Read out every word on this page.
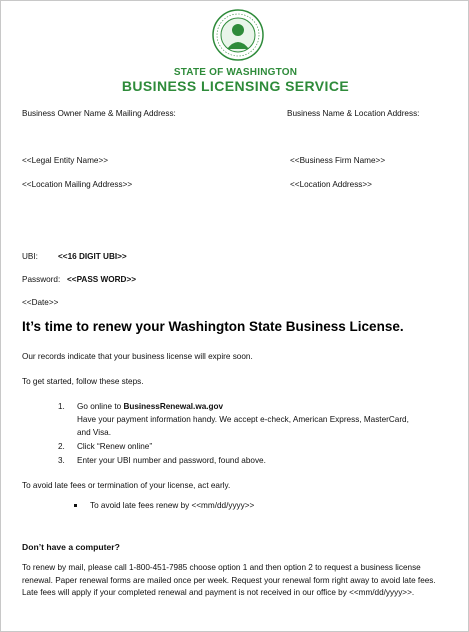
STATE OF WASHINGTON
BUSINESS LICENSING SERVICE
Business Owner Name & Mailing Address:	Business Name & Location Address:
<<Legal Entity Name>>	<<Business Firm Name>>
<<Location Mailing Address>>	<<Location Address>>
UBI: <<16 DIGIT UBI>>
Password: <<PASS WORD>>
<<Date>>
It’s time to renew your Washington State Business License.
Our records indicate that your business license will expire soon.
To get started, follow these steps.
1. Go online to BusinessRenewal.wa.gov
Have your payment information handy. We accept e-check, American Express, MasterCard,
and Visa.
2. Click “Renew online”
3. Enter your UBI number and password, found above.
To avoid late fees or termination of your license, act early.
To avoid late fees renew by <<mm/dd/yyyy>>
Don’t have a computer?
To renew by mail, please call 1-800-451-7985 choose option 1 and then option 2 to request a business license renewal. Paper renewal forms are mailed once per week. Request your renewal form right away to avoid late fees. Late fees will apply if your completed renewal and payment is not received in our office by <<mm/dd/yyyy>>.
